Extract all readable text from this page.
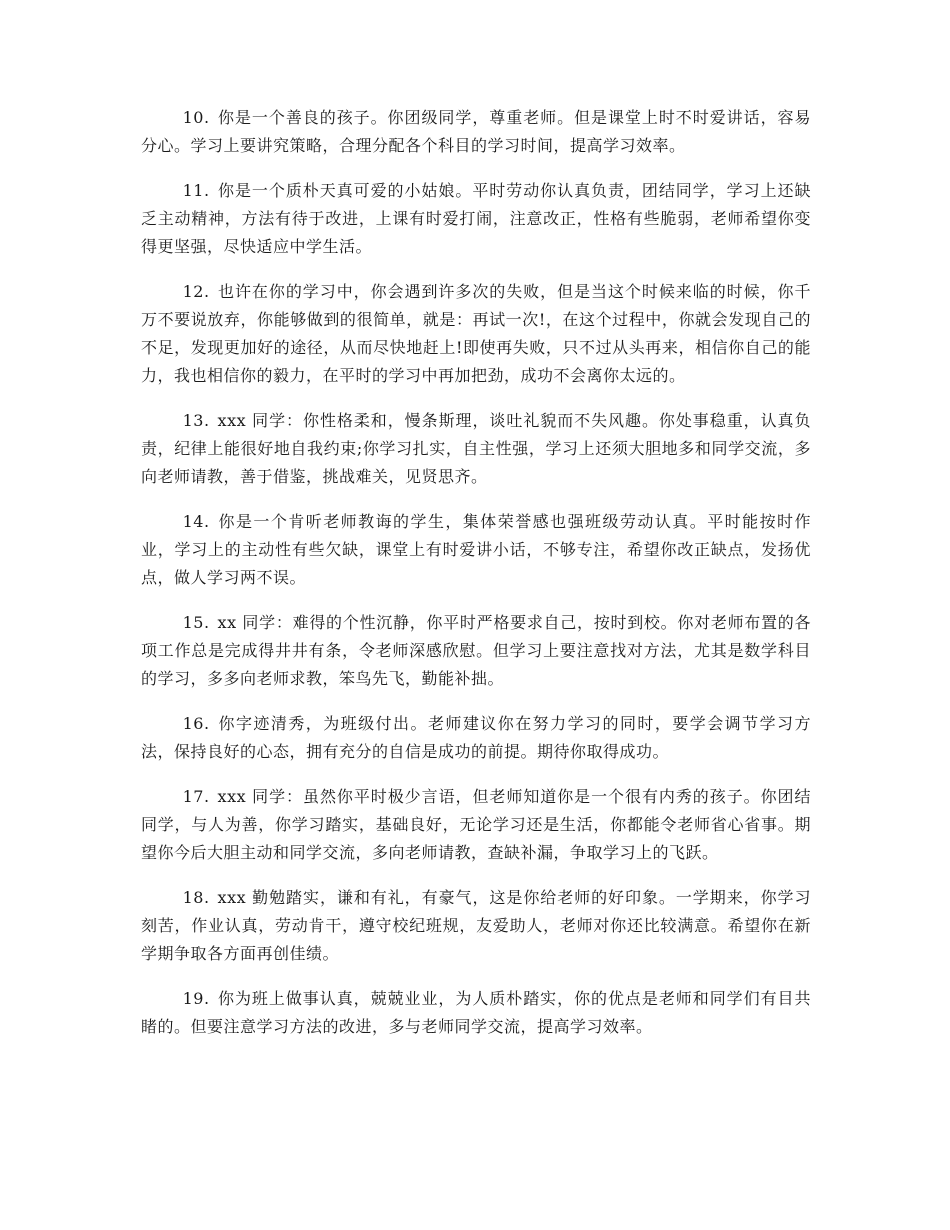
10. 你是一个善良的孩子。你团级同学，尊重老师。但是课堂上时不时爱讲话，容易分心。学习上要讲究策略，合理分配各个科目的学习时间，提高学习效率。

11. 你是一个质朴天真可爱的小姑娘。平时劳动你认真负责，团结同学，学习上还缺乏主动精神，方法有待于改进，上课有时爱打闹，注意改正，性格有些脆弱，老师希望你变得更坚强，尽快适应中学生活。

12. 也许在你的学习中，你会遇到许多次的失败，但是当这个时候来临的时候，你千万不要说放弃，你能够做到的很简单，就是：再试一次!，在这个过程中，你就会发现自己的不足，发现更加好的途径，从而尽快地赶上!即使再失败，只不过从头再来，相信你自己的能力，我也相信你的毅力，在平时的学习中再加把劲，成功不会离你太远的。

13. xxx 同学：你性格柔和，慢条斯理，谈吐礼貌而不失风趣。你处事稳重，认真负责，纪律上能很好地自我约束;你学习扎实，自主性强，学习上还须大胆地多和同学交流，多向老师请教，善于借鉴，挑战难关，见贤思齐。

14. 你是一个肯听老师教诲的学生，集体荣誉感也强班级劳动认真。平时能按时作业，学习上的主动性有些欠缺，课堂上有时爱讲小话，不够专注，希望你改正缺点，发扬优点，做人学习两不误。

15. xx 同学：难得的个性沉静，你平时严格要求自己，按时到校。你对老师布置的各项工作总是完成得井井有条，令老师深感欣慰。但学习上要注意找对方法，尤其是数学科目的学习，多多向老师求教，笨鸟先飞，勤能补拙。

16. 你字迹清秀，为班级付出。老师建议你在努力学习的同时，要学会调节学习方法，保持良好的心态，拥有充分的自信是成功的前提。期待你取得成功。

17. xxx 同学：虽然你平时极少言语，但老师知道你是一个很有内秀的孩子。你团结同学，与人为善，你学习踏实，基础良好，无论学习还是生活，你都能令老师省心省事。期望你今后大胆主动和同学交流，多向老师请教，查缺补漏，争取学习上的飞跃。

18. xxx 勤勉踏实，谦和有礼，有豪气，这是你给老师的好印象。一学期来，你学习刻苦，作业认真，劳动肯干，遵守校纪班规，友爱助人，老师对你还比较满意。希望你在新学期争取各方面再创佳绩。

19. 你为班上做事认真，兢兢业业，为人质朴踏实，你的优点是老师和同学们有目共睹的。但要注意学习方法的改进，多与老师同学交流，提高学习效率。
